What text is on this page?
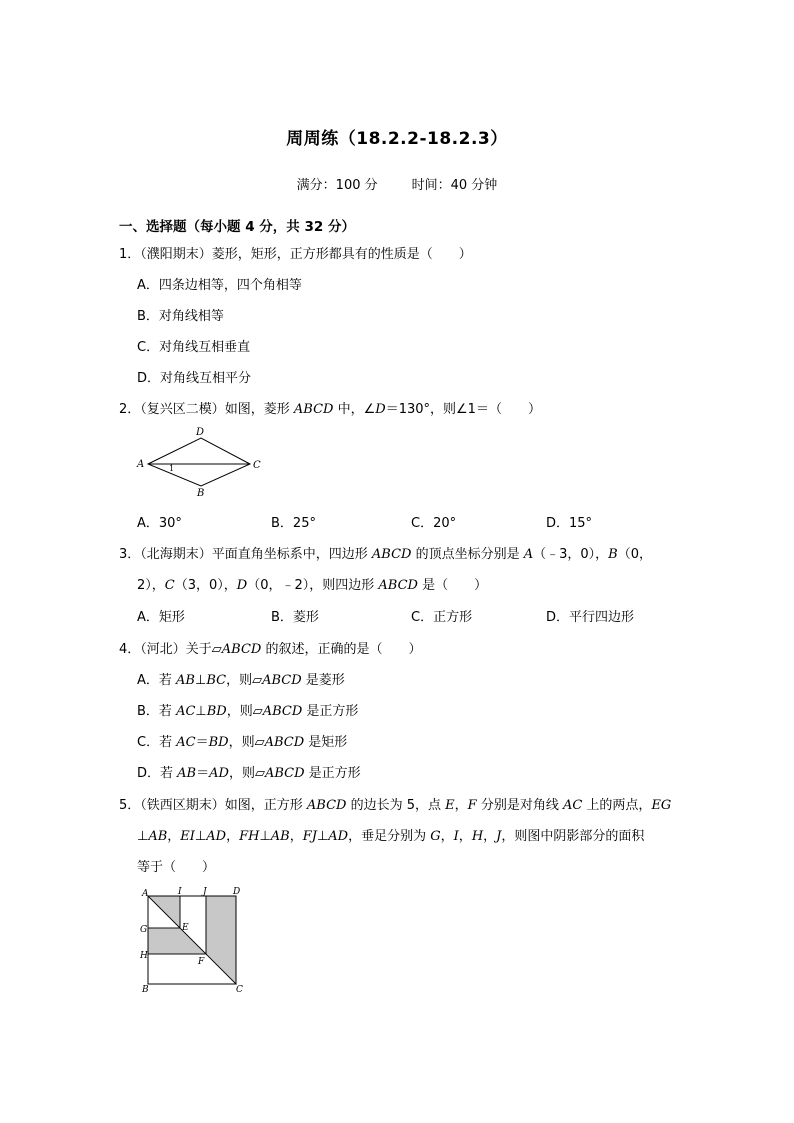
周周练（18.2.2-18.2.3）
满分：100 分	时间：40 分钟
一、选择题（每小题 4 分，共 32 分）
1．（濮阳期末）菱形，矩形，正方形都具有的性质是（　　）
A．四条边相等，四个角相等
B．对角线相等
C．对角线互相垂直
D．对角线互相平分
2．（复兴区二模）如图，菱形 ABCD 中，∠D＝130°，则∠1＝（　　）
D
A	C
B
1
A．30°	B．25°	C．20°	D．15°
3．（北海期末）平面直角坐标系中，四边形 ABCD 的顶点坐标分别是 A（﹣3，0），B（0，
2），C（3，0），D（0，﹣2），则四边形 ABCD 是（　　）
A．矩形	B．菱形	C．正方形	D．平行四边形
4．（河北）关于▱ABCD 的叙述，正确的是（　　）
A．若 AB⊥BC，则▱ABCD 是菱形
B．若 AC⊥BD，则▱ABCD 是正方形
C．若 AC＝BD，则▱ABCD 是矩形
D．若 AB＝AD，则▱ABCD 是正方形
5．（铁西区期末）如图，正方形 ABCD 的边长为 5，点 E，F 分别是对角线 AC 上的两点，EG
⊥AB，EI⊥AD，FH⊥AB，FJ⊥AD，垂足分别为 G，I，H，J，则图中阴影部分的面积
等于（　　）
A	I J	D
G	E
H
F
B	C
